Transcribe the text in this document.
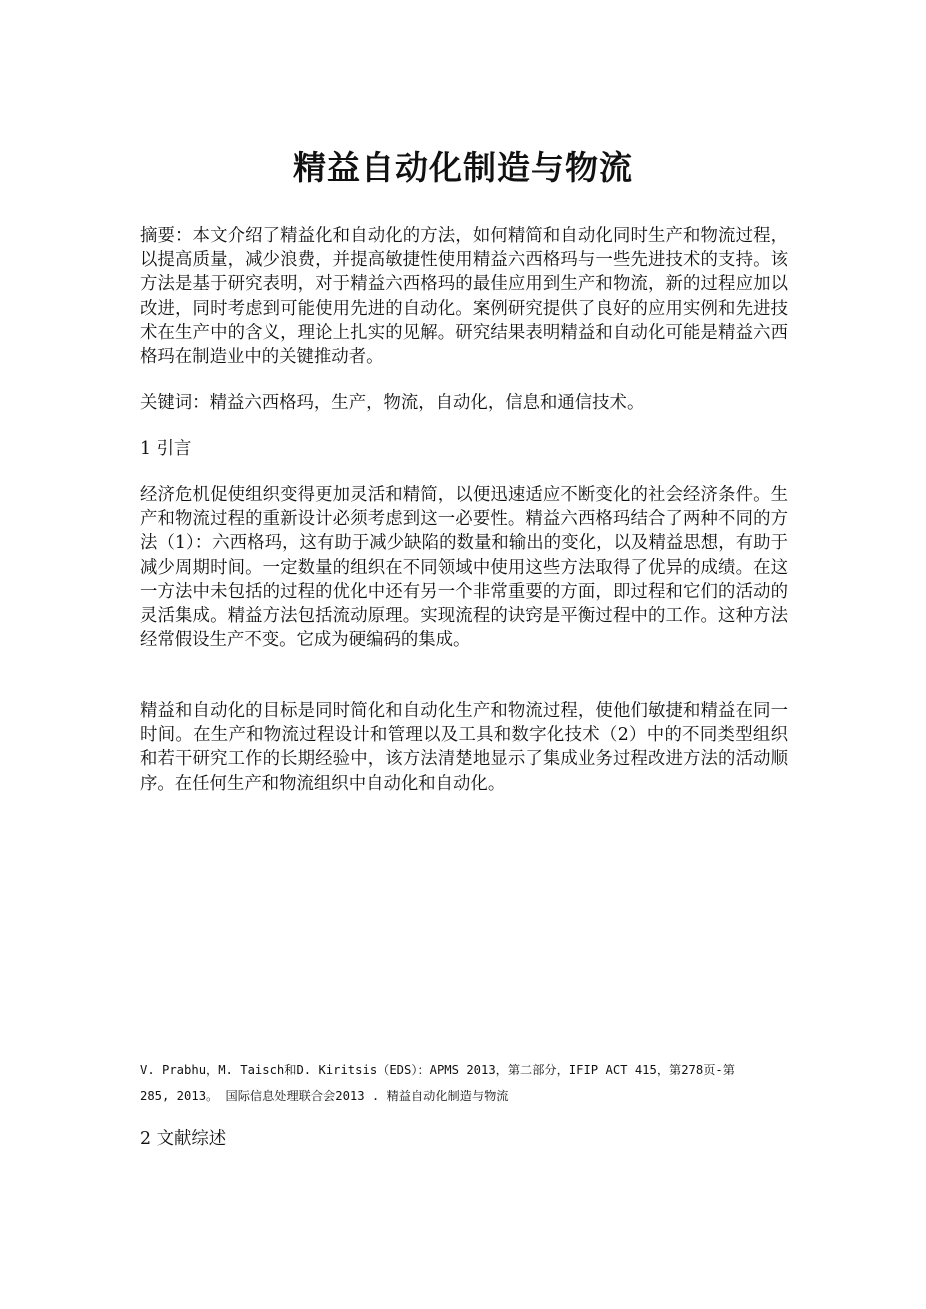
精益自动化制造与物流

摘要：本文介绍了精益化和自动化的方法，如何精简和自动化同时生产和物流过程，以提高质量，减少浪费，并提高敏捷性使用精益六西格玛与一些先进技术的支持。该方法是基于研究表明，对于精益六西格玛的最佳应用到生产和物流，新的过程应加以改进，同时考虑到可能使用先进的自动化。案例研究提供了良好的应用实例和先进技术在生产中的含义，理论上扎实的见解。研究结果表明精益和自动化可能是精益六西格玛在制造业中的关键推动者。

关键词：精益六西格玛，生产，物流，自动化，信息和通信技术。

1 引言

经济危机促使组织变得更加灵活和精简，以便迅速适应不断变化的社会经济条件。生产和物流过程的重新设计必须考虑到这一必要性。精益六西格玛结合了两种不同的方法（1）：六西格玛，这有助于减少缺陷的数量和输出的变化，以及精益思想，有助于减少周期时间。一定数量的组织在不同领域中使用这些方法取得了优异的成绩。在这一方法中未包括的过程的优化中还有另一个非常重要的方面，即过程和它们的活动的灵活集成。精益方法包括流动原理。实现流程的诀窍是平衡过程中的工作。这种方法经常假设生产不变。它成为硬编码的集成。

精益和自动化的目标是同时简化和自动化生产和物流过程，使他们敏捷和精益在同一时间。在生产和物流过程设计和管理以及工具和数字化技术（2）中的不同类型组织和若干研究工作的长期经验中，该方法清楚地显示了集成业务过程改进方法的活动顺序。在任何生产和物流组织中自动化和自动化。

V. Prabhu，M. Taisch和D. Kiritsis（EDS）：APMS 2013，第二部分，IFIP ACT 415，第278页-第
285, 2013。 国际信息处理联合会2013 . 精益自动化制造与物流

2 文献综述
